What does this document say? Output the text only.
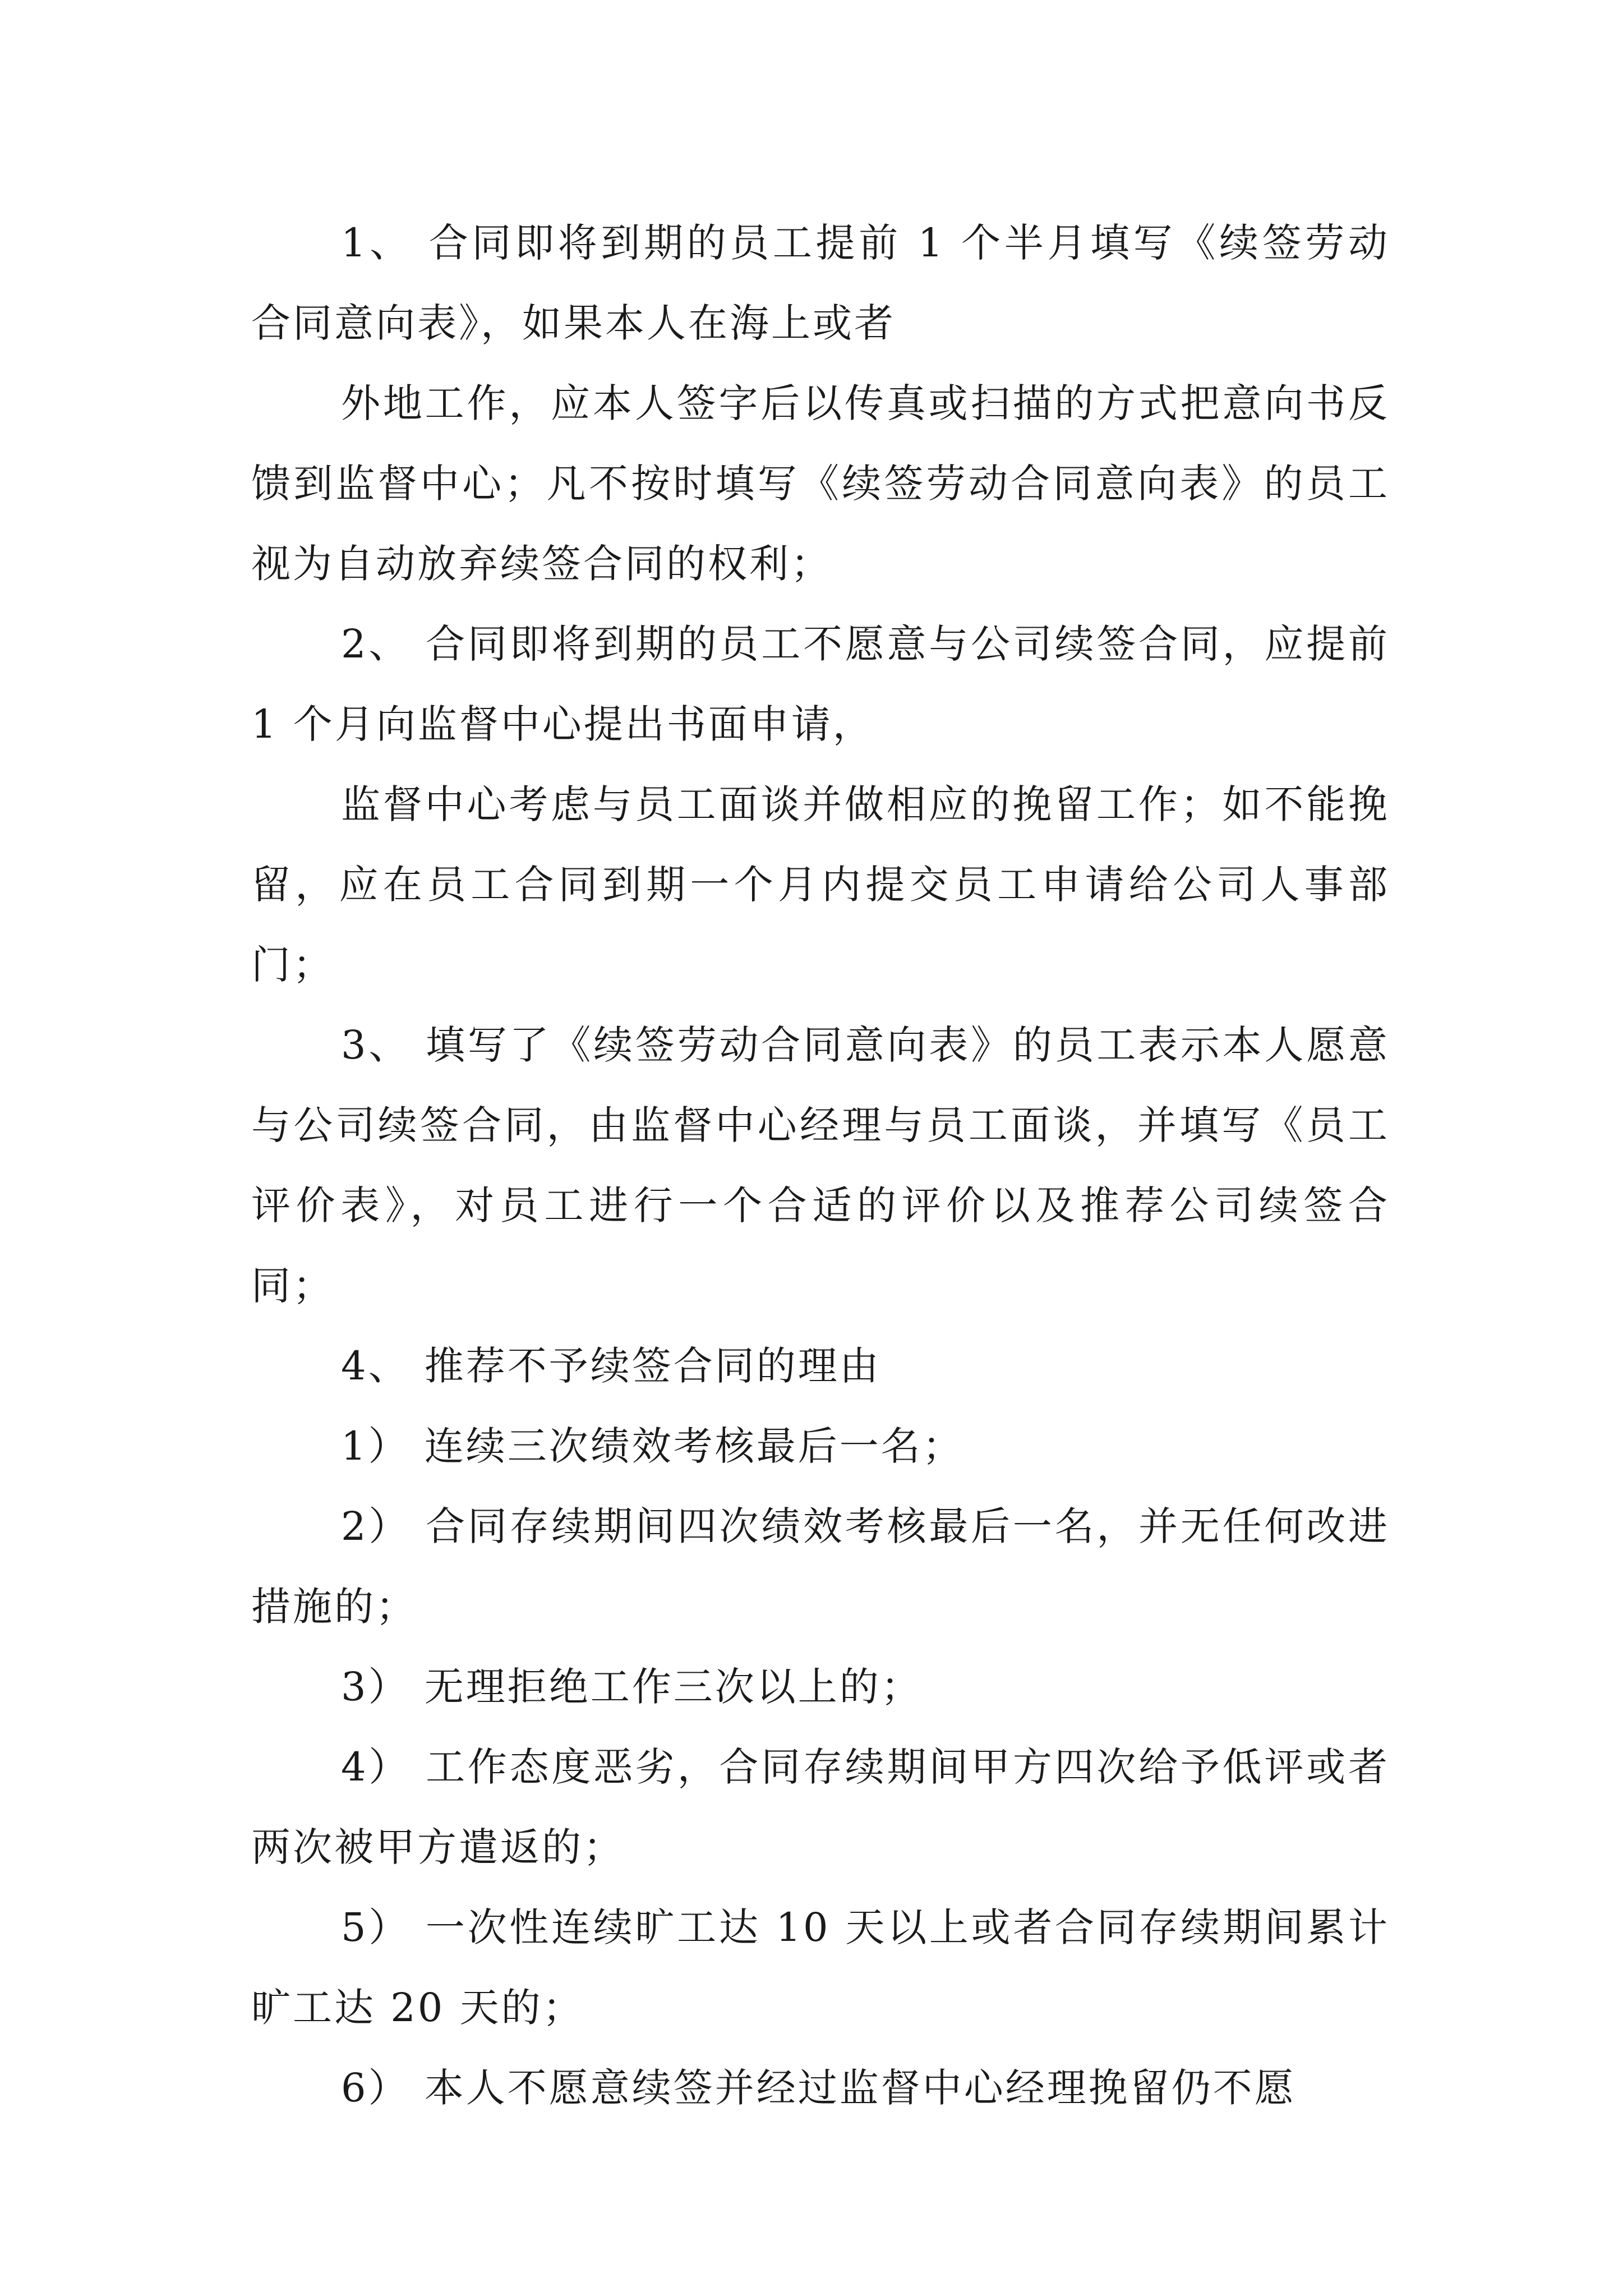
1、 合同即将到期的员工提前 1 个半月填写《续签劳动合同意向表》，如果本人在海上或者

外地工作，应本人签字后以传真或扫描的方式把意向书反馈到监督中心；凡不按时填写《续签劳动合同意向表》的员工视为自动放弃续签合同的权利；

2、 合同即将到期的员工不愿意与公司续签合同，应提前 1 个月向监督中心提出书面申请，

监督中心考虑与员工面谈并做相应的挽留工作；如不能挽留，应在员工合同到期一个月内提交员工申请给公司人事部门；

3、 填写了《续签劳动合同意向表》的员工表示本人愿意与公司续签合同，由监督中心经理与员工面谈，并填写《员工评价表》，对员工进行一个合适的评价以及推荐公司续签合同；

4、 推荐不予续签合同的理由

1） 连续三次绩效考核最后一名；

2） 合同存续期间四次绩效考核最后一名，并无任何改进措施的；

3） 无理拒绝工作三次以上的；

4） 工作态度恶劣，合同存续期间甲方四次给予低评或者两次被甲方遣返的；

5） 一次性连续旷工达 10 天以上或者合同存续期间累计旷工达 20 天的；

6） 本人不愿意续签并经过监督中心经理挽留仍不愿
